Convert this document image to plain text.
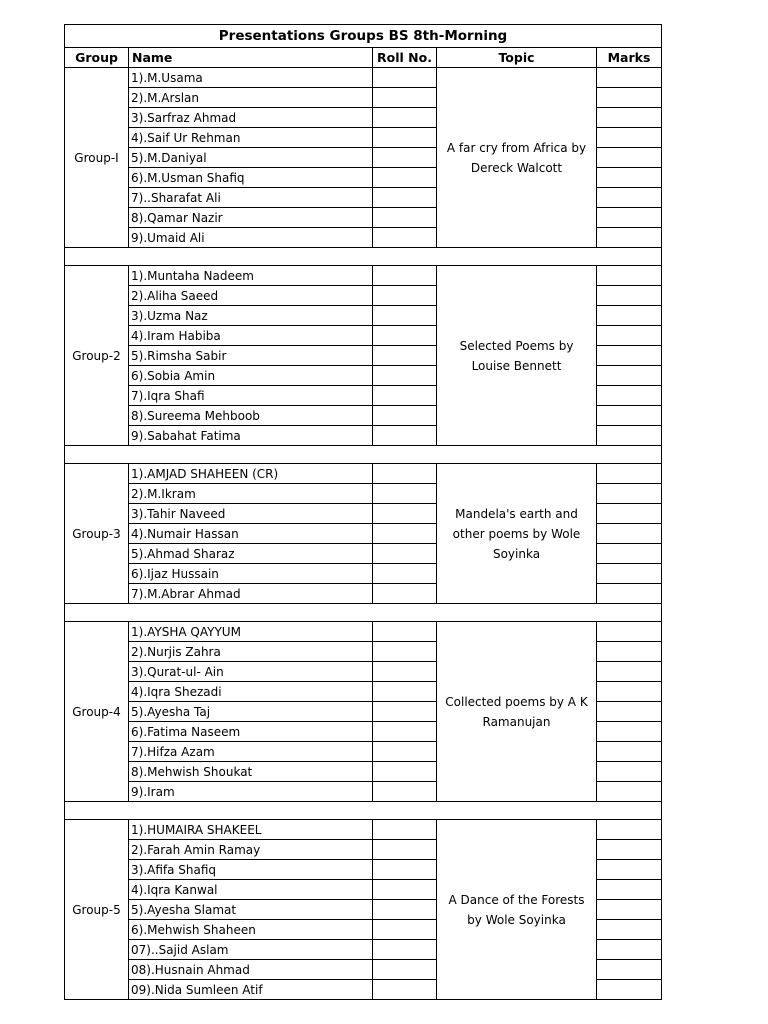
Presentations Groups BS 8th-Morning				
Group	Name	Roll No.	Topic	Marks
Group-I	1).M.Usama		A far cry from Africa by Dereck Walcott	
	2).M.Arslan			
	3).Sarfraz Ahmad			
	4).Saif Ur Rehman			
	5).M.Daniyal			
	6).M.Usman Shafiq			
	7)..Sharafat Ali			
	8).Qamar Nazir			
	9).Umaid Ali			

Group-2	1).Muntaha Nadeem		Selected Poems by Louise Bennett	
	2).Aliha Saeed			
	3).Uzma Naz			
	4).Iram Habiba			
	5).Rimsha Sabir			
	6).Sobia Amin			
	7).Iqra Shafi			
	8).Sureema Mehboob			
	9).Sabahat Fatima			

Group-3	1).AMJAD SHAHEEN (CR)		Mandela's earth and other poems by Wole Soyinka	
	2).M.Ikram			
	3).Tahir Naveed			
	4).Numair Hassan			
	5).Ahmad Sharaz			
	6).Ijaz Hussain			
	7).M.Abrar Ahmad			

Group-4	1).AYSHA QAYYUM		Collected poems by A K Ramanujan	
	2).Nurjis Zahra			
	3).Qurat-ul- Ain			
	4).Iqra Shezadi			
	5).Ayesha Taj			
	6).Fatima Naseem			
	7).Hifza Azam			
	8).Mehwish Shoukat			
	9).Iram			

Group-5	1).HUMAIRA SHAKEEL		A Dance of the Forests by Wole Soyinka	
	2).Farah Amin Ramay			
	3).Afifa Shafiq			
	4).Iqra Kanwal			
	5).Ayesha Slamat			
	6).Mehwish Shaheen			
	07)..Sajid Aslam			
	08).Husnain Ahmad			
	09).Nida Sumleen Atif			
